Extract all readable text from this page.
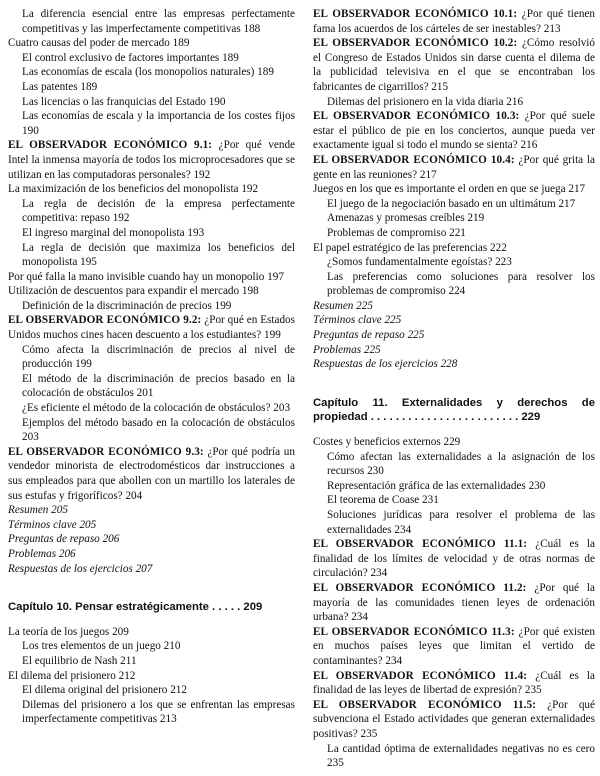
La diferencia esencial entre las empresas perfectamente competitivas y las imperfectamente competitivas 188
Cuatro causas del poder de mercado 189
El control exclusivo de factores importantes 189
Las economías de escala (los monopolios naturales) 189
Las patentes 189
Las licencias o las franquicias del Estado 190
Las economías de escala y la importancia de los costes fijos 190
EL OBSERVADOR ECONÓMICO 9.1: ¿Por qué vende Intel la inmensa mayoría de todos los microprocesadores que se utilizan en las computadoras personales? 192
La maximización de los beneficios del monopolista 192
La regla de decisión de la empresa perfectamente competitiva: repaso 192
El ingreso marginal del monopolista 193
La regla de decisión que maximiza los beneficios del monopolista 195
Por qué falla la mano invisible cuando hay un monopolio 197
Utilización de descuentos para expandir el mercado 198
Definición de la discriminación de precios 199
EL OBSERVADOR ECONÓMICO 9.2: ¿Por qué en Estados Unidos muchos cines hacen descuento a los estudiantes? 199
Cómo afecta la discriminación de precios al nivel de producción 199
El método de la discriminación de precios basado en la colocación de obstáculos 201
¿Es eficiente el método de la colocación de obstáculos? 203
Ejemplos del método basado en la colocación de obstáculos 203
EL OBSERVADOR ECONÓMICO 9.3: ¿Por qué podría un vendedor minorista de electrodomésticos dar instrucciones a sus empleados para que abollen con un martillo los laterales de sus estufas y frigoríficos? 204
Resumen 205
Términos clave 205
Preguntas de repaso 206
Problemas 206
Respuestas de los ejercicios 207
Capítulo 10. Pensar estratégicamente . . . . . 209
La teoría de los juegos 209
Los tres elementos de un juego 210
El equilibrio de Nash 211
El dilema del prisionero 212
El dilema original del prisionero 212
Dilemas del prisionero a los que se enfrentan las empresas imperfectamente competitivas 213
EL OBSERVADOR ECONÓMICO 10.1: ¿Por qué tienen fama los acuerdos de los cárteles de ser inestables? 213
EL OBSERVADOR ECONÓMICO 10.2: ¿Cómo resolvió el Congreso de Estados Unidos sin darse cuenta el dilema de la publicidad televisiva en el que se encontraban los fabricantes de cigarrillos? 215
Dilemas del prisionero en la vida diaria 216
EL OBSERVADOR ECONÓMICO 10.3: ¿Por qué suele estar el público de pie en los conciertos, aunque pueda ver exactamente igual si todo el mundo se sienta? 216
EL OBSERVADOR ECONÓMICO 10.4: ¿Por qué grita la gente en las reuniones? 217
Juegos en los que es importante el orden en que se juega 217
El juego de la negociación basado en un ultimátum 217
Amenazas y promesas creíbles 219
Problemas de compromiso 221
El papel estratégico de las preferencias 222
¿Somos fundamentalmente egoístas? 223
Las preferencias como soluciones para resolver los problemas de compromiso 224
Resumen 225
Términos clave 225
Preguntas de repaso 225
Problemas 225
Respuestas de los ejercicios 228
Capítulo 11. Externalidades y derechos de propiedad . . . . . . . . . . . . . . . . . . . . . . . . 229
Costes y beneficios externos 229
Cómo afectan las externalidades a la asignación de los recursos 230
Representación gráfica de las externalidades 230
El teorema de Coase 231
Soluciones jurídicas para resolver el problema de las externalidades 234
EL OBSERVADOR ECONÓMICO 11.1: ¿Cuál es la finalidad de los límites de velocidad y de otras normas de circulación? 234
EL OBSERVADOR ECONÓMICO 11.2: ¿Por qué la mayoría de las comunidades tienen leyes de ordenación urbana? 234
EL OBSERVADOR ECONÓMICO 11.3: ¿Por qué existen en muchos países leyes que limitan el vertido de contaminantes? 234
EL OBSERVADOR ECONÓMICO 11.4: ¿Cuál es la finalidad de las leyes de libertad de expresión? 235
EL OBSERVADOR ECONÓMICO 11.5: ¿Por qué subvenciona el Estado actividades que generan externalidades positivas? 235
La cantidad óptima de externalidades negativas no es cero 235
